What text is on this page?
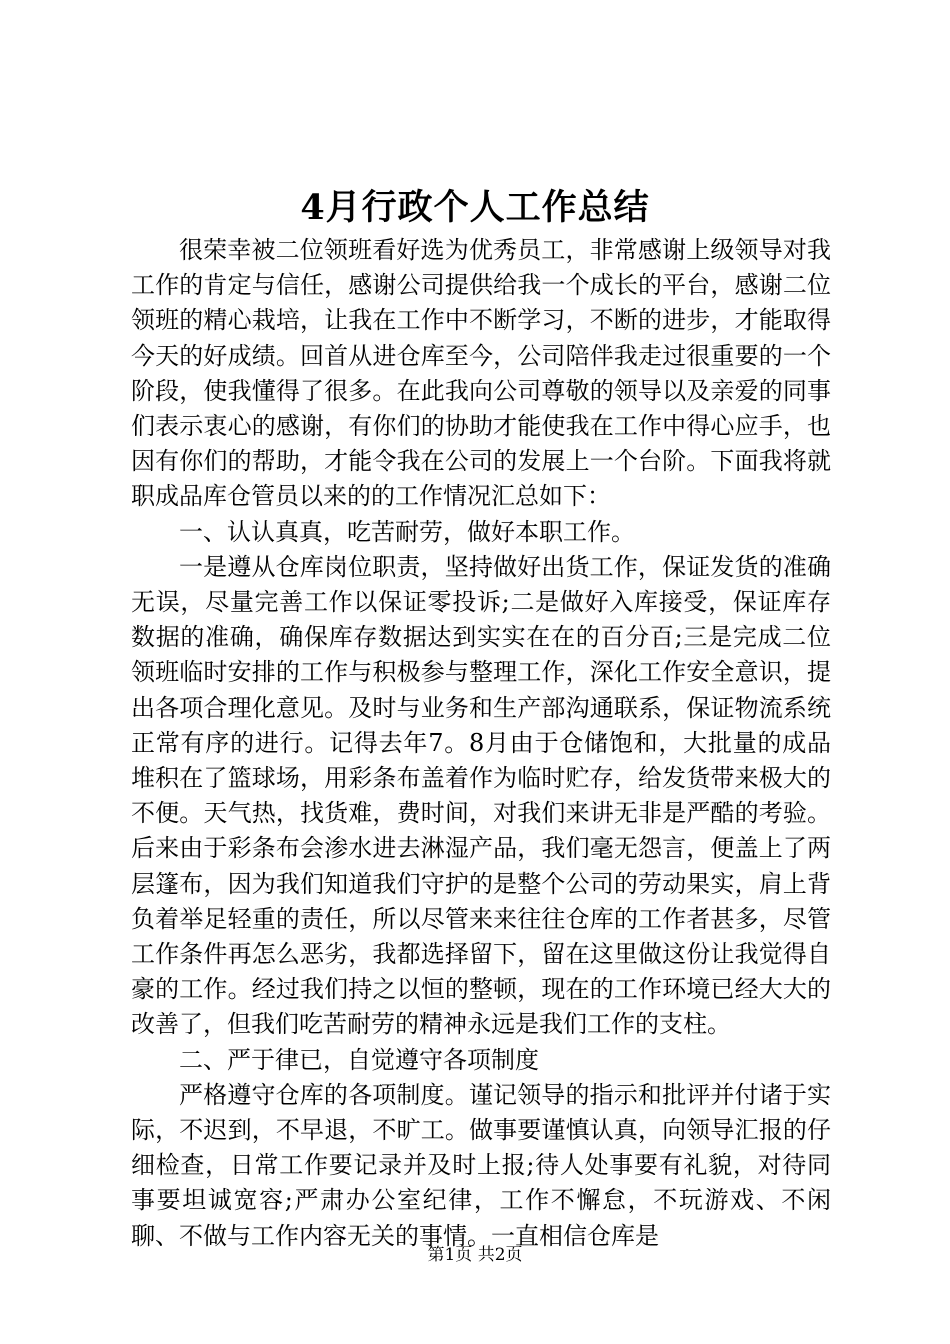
4月行政个人工作总结

很荣幸被二位领班看好选为优秀员工，非常感谢上级领导对我工作的肯定与信任，感谢公司提供给我一个成长的平台，感谢二位领班的精心栽培，让我在工作中不断学习，不断的进步，才能取得今天的好成绩。回首从进仓库至今，公司陪伴我走过很重要的一个阶段，使我懂得了很多。在此我向公司尊敬的领导以及亲爱的同事们表示衷心的感谢，有你们的协助才能使我在工作中得心应手，也因有你们的帮助，才能令我在公司的发展上一个台阶。下面我将就职成品库仓管员以来的的工作情况汇总如下：

一、认认真真，吃苦耐劳，做好本职工作。

一是遵从仓库岗位职责，坚持做好出货工作，保证发货的准确无误，尽量完善工作以保证零投诉;二是做好入库接受，保证库存数据的准确，确保库存数据达到实实在在的百分百;三是完成二位领班临时安排的工作与积极参与整理工作，深化工作安全意识，提出各项合理化意见。及时与业务和生产部沟通联系，保证物流系统正常有序的进行。记得去年7。8月由于仓储饱和，大批量的成品堆积在了篮球场，用彩条布盖着作为临时贮存，给发货带来极大的不便。天气热，找货难，费时间，对我们来讲无非是严酷的考验。后来由于彩条布会渗水进去淋湿产品，我们毫无怨言，便盖上了两层篷布，因为我们知道我们守护的是整个公司的劳动果实，肩上背负着举足轻重的责任，所以尽管来来往往仓库的工作者甚多，尽管工作条件再怎么恶劣，我都选择留下，留在这里做这份让我觉得自豪的工作。经过我们持之以恒的整顿，现在的工作环境已经大大的改善了，但我们吃苦耐劳的精神永远是我们工作的支柱。

二、严于律已，自觉遵守各项制度

严格遵守仓库的各项制度。谨记领导的指示和批评并付诸于实际，不迟到，不早退，不旷工。做事要谨慎认真，向领导汇报的仔细检查，日常工作要记录并及时上报;待人处事要有礼貌，对待同事要坦诚宽容;严肃办公室纪律，工作不懈怠，不玩游戏、不闲聊、不做与工作内容无关的事情。一直相信仓库是

第1页 共2页
